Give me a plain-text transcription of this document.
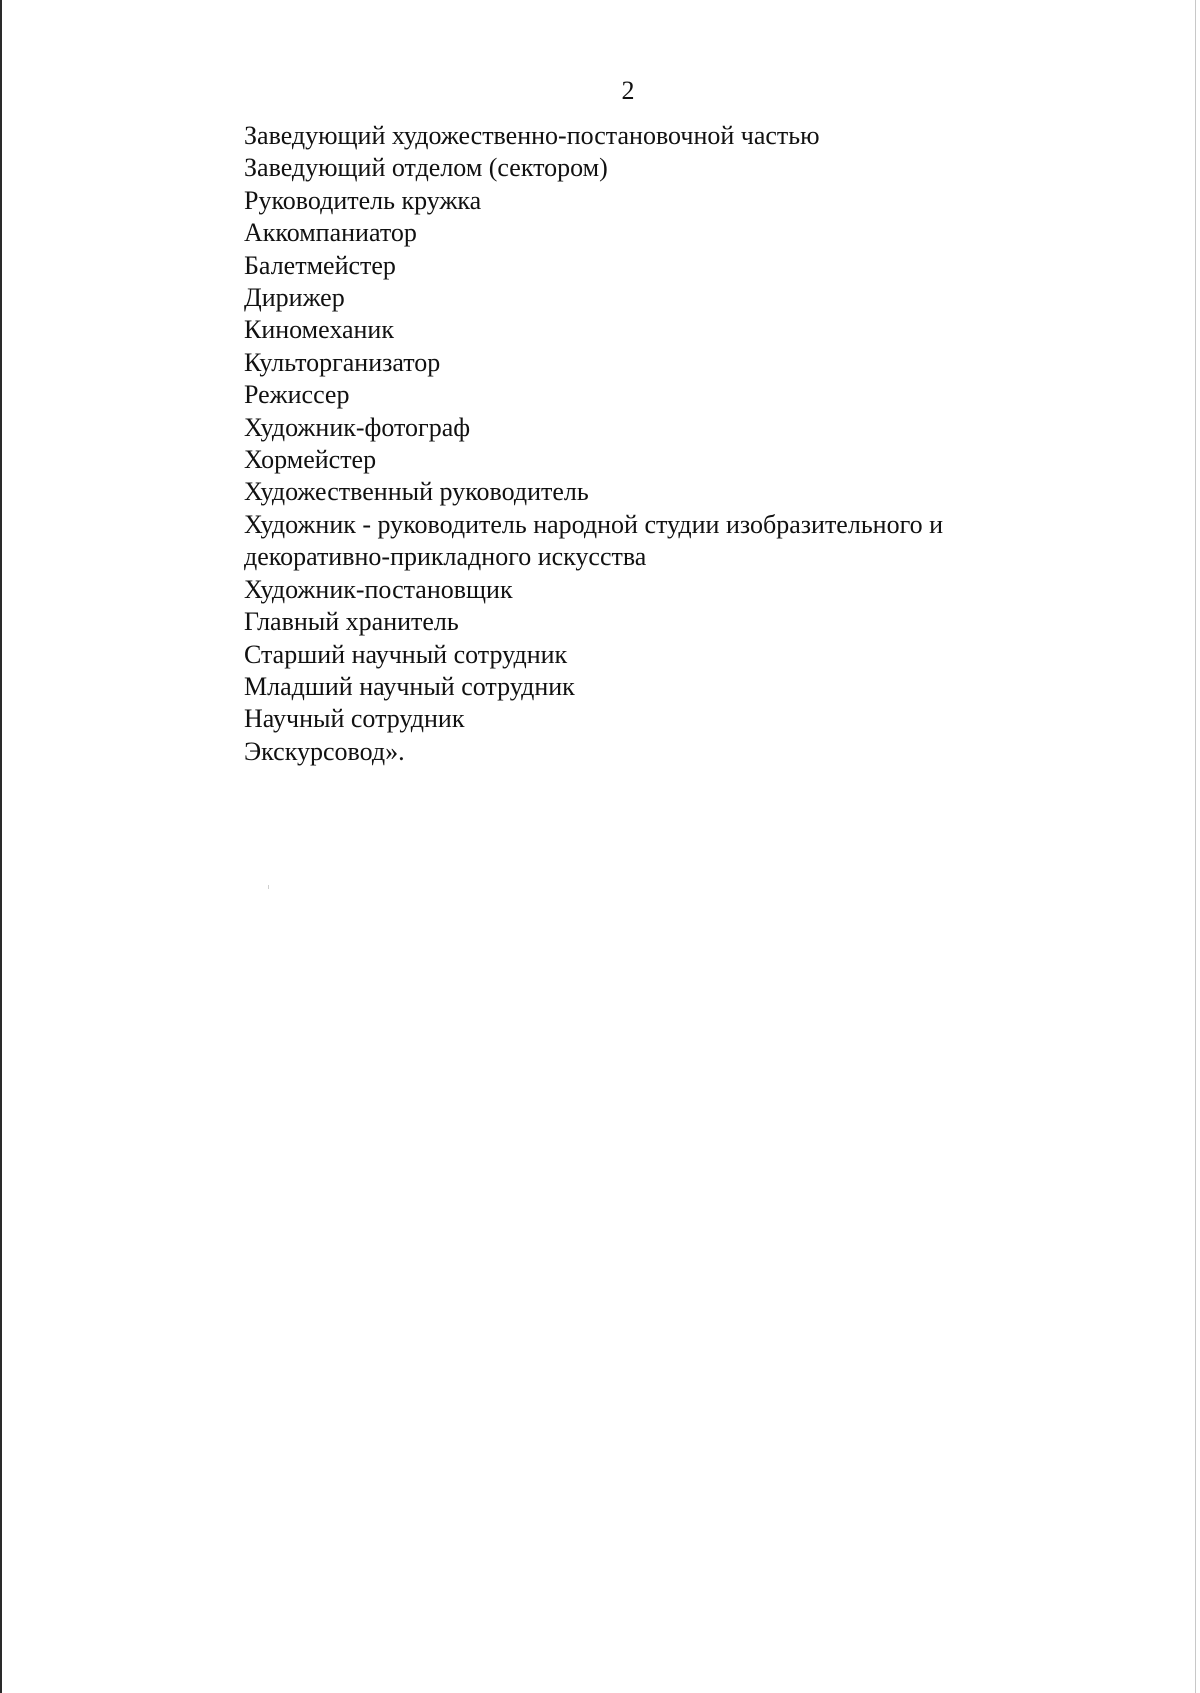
2
Заведующий художественно-постановочной частью
Заведующий отделом (сектором)
Руководитель кружка
Аккомпаниатор
Балетмейстер
Дирижер
Киномеханик
Культорганизатор
Режиссер
Художник-фотограф
Хормейстер
Художественный руководитель
Художник - руководитель народной студии изобразительного и
декоративно-прикладного искусства
Художник-постановщик
Главный хранитель
Старший научный сотрудник
Младший научный сотрудник
Научный сотрудник
Экскурсовод».
